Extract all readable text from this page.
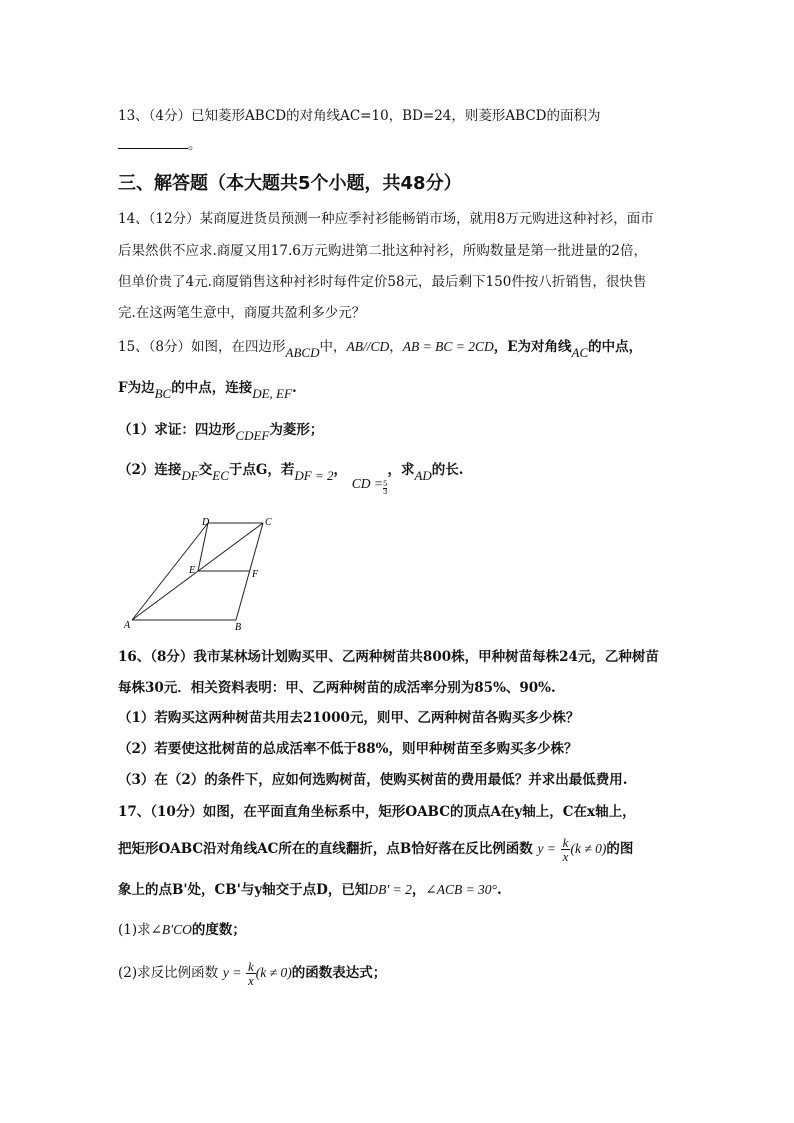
13、（4分）已知菱形ABCD的对角线AC=10，BD=24，则菱形ABCD的面积为
。
三、解答题（本大题共5个小题，共48分）
14、（12分）某商厦进货员预测一种应季衬衫能畅销市场，就用8万元购进这种衬衫，面市
后果然供不应求.商厦又用17.6万元购进第二批这种衬衫，所购数量是第一批进量的2倍，
但单价贵了4元.商厦销售这种衬衫时每件定价58元，最后剩下150件按八折销售，很快售
完.在这两笔生意中，商厦共盈利多少元？
15、（8分）如图，在四边形ABCD中，AB//CD，AB = BC = 2CD，E为对角线AC的中点，
F为边BC的中点，连接DE, EF.
（1）求证：四边形CDEF为菱形；
（2）连接DF交EC于点G，若DF = 2， CD = $\frac{5}{3}$
，求AD的长.
D	C
E	F
A	B
16、（8分）我市某林场计划购买甲、乙两种树苗共800株，甲种树苗每株24元，乙种树苗
每株30元．相关资料表明：甲、乙两种树苗的成活率分别为85%、90%.
（1）若购买这两种树苗共用去21000元，则甲、乙两种树苗各购买多少株？
（2）若要使这批树苗的总成活率不低于88%，则甲种树苗至多购买多少株？
（3）在（2）的条件下，应如何选购树苗，使购买树苗的费用最低？并求出最低费用.
17、（10分）如图，在平面直角坐标系中，矩形OABC的顶点A在y轴上，C在x轴上，
把矩形OABC沿对角线AC所在的直线翻折，点B恰好落在反比例函数 $y = \frac{k}{x} (k \ne 0)$的图
象上的点B'处，CB'与y轴交于点D，已知DB' = 2，∠ACB = 30°.
(1)求∠B'CO的度数；
(2)求反比例函数 $y = \frac{k}{x} (k \ne 0)$的函数表达式；
